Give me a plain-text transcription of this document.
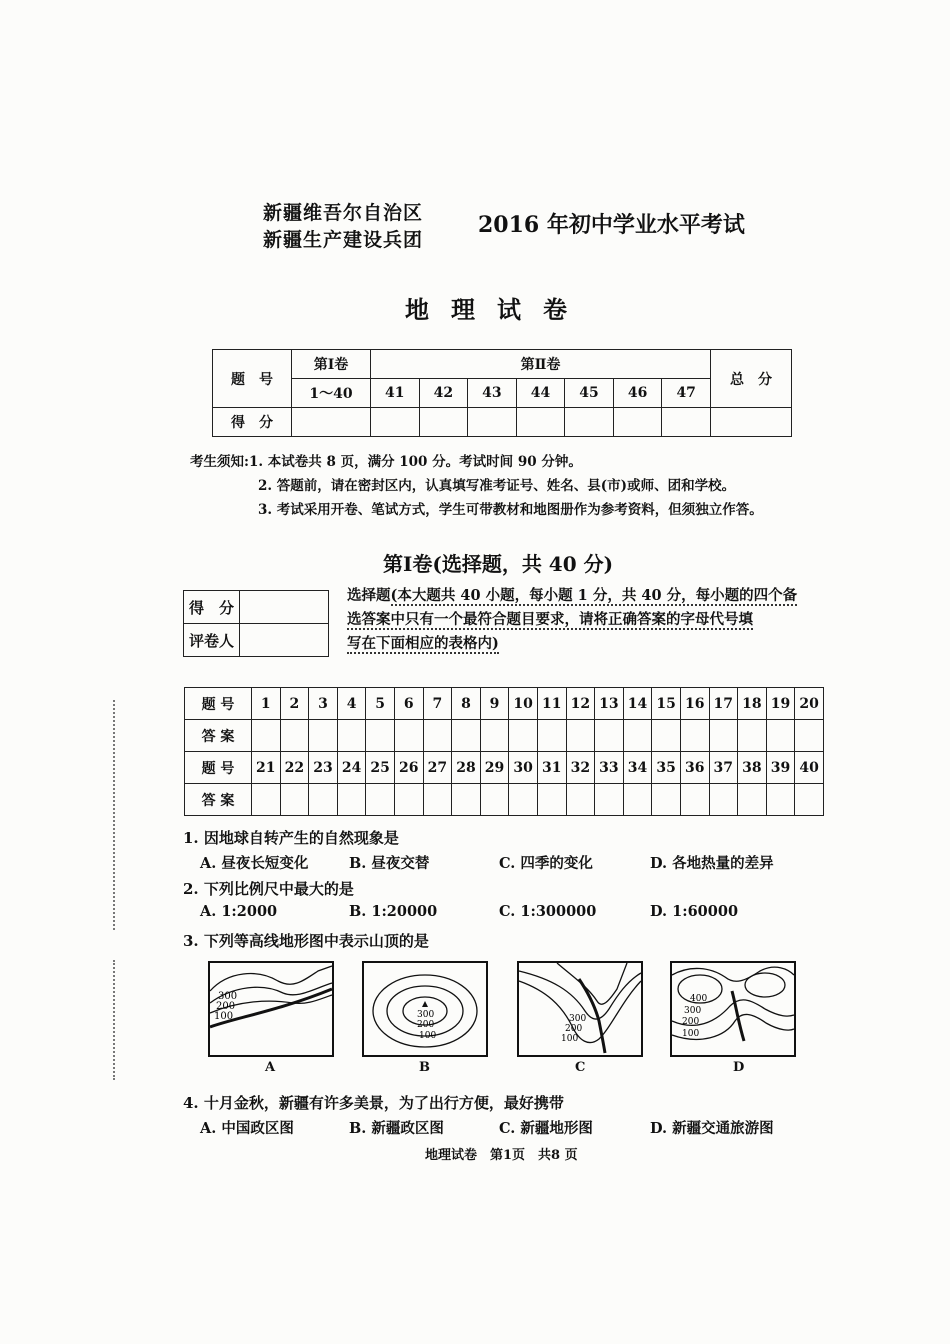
新疆维吾尔自治区
新疆生产建设兵团
2016 年初中学业水平考试
地理试卷
题　号	第Ⅰ卷	第Ⅱ卷							总　分
	1～40	41	42	43	44	45	46	47	
得　分									
考生须知:1. 本试卷共 8 页，满分 100 分。考试时间 90 分钟。
2. 答题前，请在密封区内，认真填写准考证号、姓名、县(市)或师、团和学校。
3. 考试采用开卷、笔试方式，学生可带教材和地图册作为参考资料，但须独立作答。
第Ⅰ卷(选择题，共 40 分)
得　分	
评卷人	
选择题(本大题共 40 小题，每小题 1 分，共 40 分，每小题的四个备
选答案中只有一个最符合题目要求，请将正确答案的字母代号填
写在下面相应的表格内)
题 号	1	2	3	4	5	6	7	8	9	10	11	12	13	14	15	16	17	18	19	20
答 案																				
题 号	21	22	23	24	25	26	27	28	29	30	31	32	33	34	35	36	37	38	39	40
答 案																				
1. 因地球自转产生的自然现象是
A. 昼夜长短变化	B. 昼夜交替	C. 四季的变化	D. 各地热量的差异
2. 下列比例尺中最大的是
A. 1:2000	B. 1:20000	C. 1:300000	D. 1:60000
3. 下列等高线地形图中表示山顶的是
300
200
100	300
200
100
300
200
100
400
300
200
100
A	B	C	D
4. 十月金秋，新疆有许多美景，为了出行方便，最好携带
A. 中国政区图	B. 新疆政区图	C. 新疆地形图	D. 新疆交通旅游图
地理试卷　第1页　共8 页
